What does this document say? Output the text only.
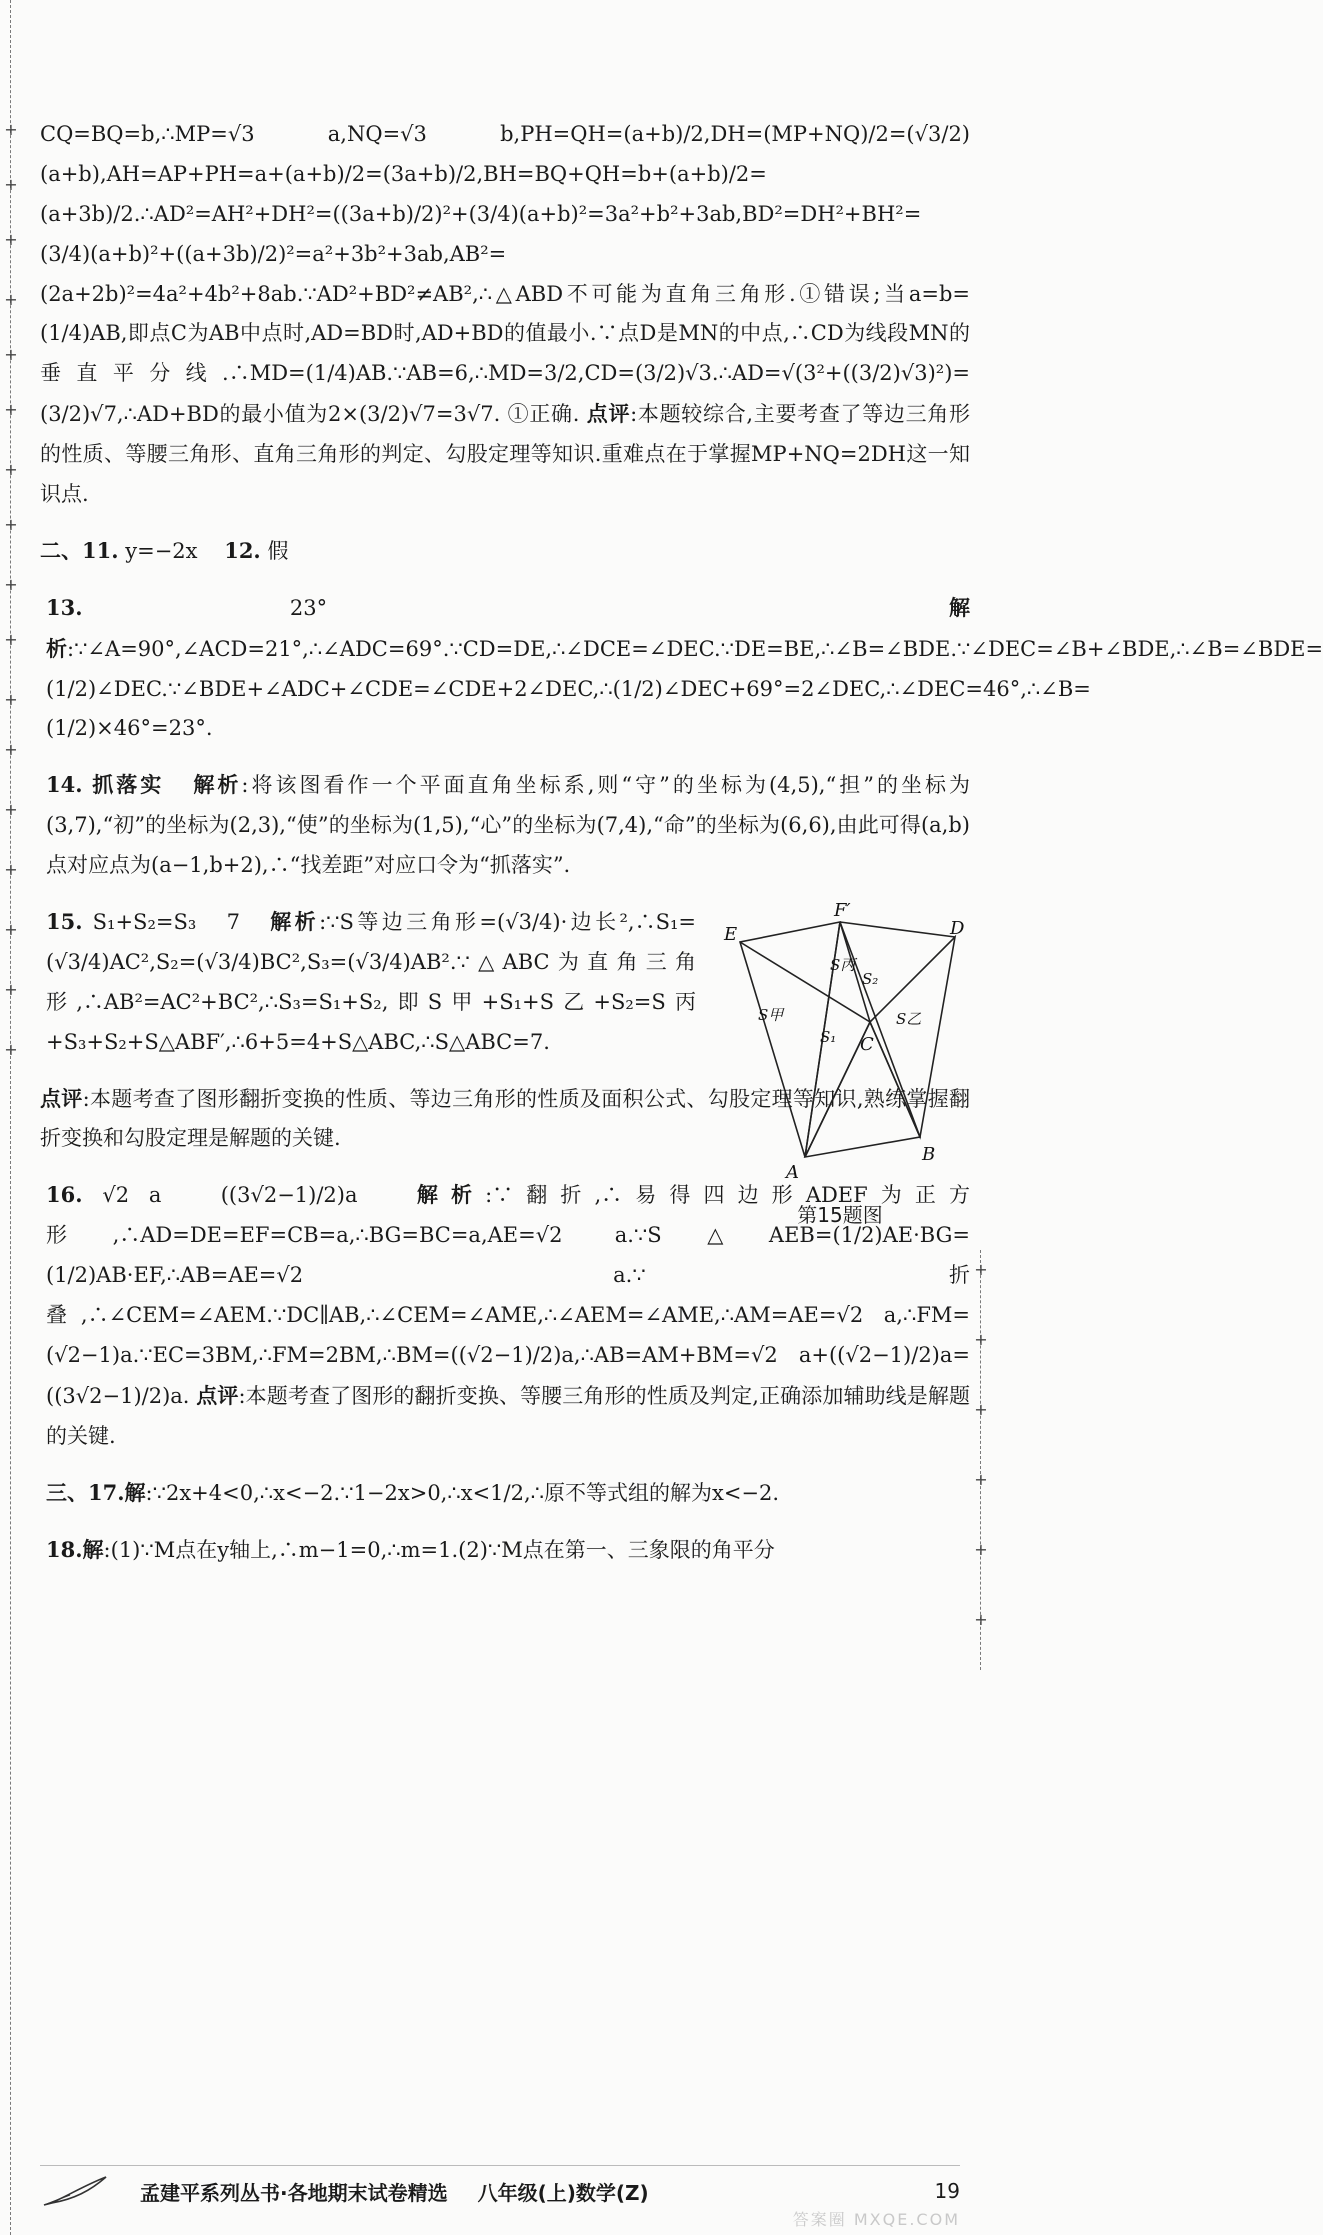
+
+
+
+
+
+
+
+
+
+
+
+
+
+
+
+
+
+
+
+
+
+
+

CQ=BQ=b,∴MP=√3 a,NQ=√3 b,PH=QH=(a+b)/2,DH=(MP+NQ)/2=(√3/2)(a+b),AH=AP+PH=a+(a+b)/2=(3a+b)/2,BH=BQ+QH=b+(a+b)/2=(a+3b)/2.∴AD²=AH²+DH²=((3a+b)/2)²+(3/4)(a+b)²=3a²+b²+3ab,BD²=DH²+BH²=(3/4)(a+b)²+((a+3b)/2)²=a²+3b²+3ab,AB²=(2a+2b)²=4a²+4b²+8ab.∵AD²+BD²≠AB²,∴△ABD不可能为直角三角形.①错误;当a=b=(1/4)AB,即点C为AB中点时,AD=BD时,AD+BD的值最小.∵点D是MN的中点,∴CD为线段MN的垂直平分线.∴MD=(1/4)AB.∵AB=6,∴MD=3/2,CD=(3/2)√3.∴AD=√(3²+((3/2)√3)²)=(3/2)√7,∴AD+BD的最小值为2×(3/2)√7=3√7. ①正确. 点评:本题较综合,主要考查了等边三角形的性质、等腰三角形、直角三角形的判定、勾股定理等知识.重难点在于掌握MP+NQ=2DH这一知识点.

二、11. y=−2x 12. 假

13.	23°	解析:∵∠A=90°,∠ACD=21°,∴∠ADC=69°.∵CD=DE,∴∠DCE=∠DEC.∵DE=BE,∴∠B=∠BDE.∵∠DEC=∠B+∠BDE,∴∠B=∠BDE=(1/2)∠DEC.∵∠BDE+∠ADC+∠CDE=∠CDE+2∠DEC,∴(1/2)∠DEC+69°=2∠DEC,∴∠DEC=46°,∴∠B=(1/2)×46°=23°.

14. 抓落实 解析:将该图看作一个平面直角坐标系,则“守”的坐标为(4,5),“担”的坐标为(3,7),“初”的坐标为(2,3),“使”的坐标为(1,5),“心”的坐标为(7,4),“命”的坐标为(6,6),由此可得(a,b)点对应点为(a−1,b+2),∴“找差距”对应口令为“抓落实”.

15. S₁+S₂=S₃ 7 解析:∵S等边三角形=(√3/4)·边长²,∴S₁=(√3/4)AC²,S₂=(√3/4)BC²,S₃=(√3/4)AB².∵△ABC为直角三角形,∴AB²=AC²+BC²,∴S₃=S₁+S₂,即S甲+S₁+S乙+S₂=S丙+S₃+S₂+S△ABF′,∴6+5=4+S△ABC,∴S△ABC=7.

E
F′
D
A
B
C
S甲
S丙
S乙
S₁
S₂
第15题图

点评:本题考查了图形翻折变换的性质、等边三角形的性质及面积公式、勾股定理等知识,熟练掌握翻折变换和勾股定理是解题的关键.

16. √2 a	((3√2−1)/2)a	解析:∵翻折,∴易得四边形ADEF为正方形,∴AD=DE=EF=CB=a,∴BG=BC=a,AE=√2 a.∵S△AEB=(1/2)AE·BG=(1/2)AB·EF,∴AB=AE=√2 a.∵折叠,∴∠CEM=∠AEM.∵DC∥AB,∴∠CEM=∠AME,∴∠AEM=∠AME,∴AM=AE=√2 a,∴FM=(√2−1)a.∵EC=3BM,∴FM=2BM,∴BM=((√2−1)/2)a,∴AB=AM+BM=√2 a+((√2−1)/2)a=((3√2−1)/2)a. 点评:本题考查了图形的翻折变换、等腰三角形的性质及判定,正确添加辅助线是解题的关键.

三、17.解:∵2x+4<0,∴x<−2.∵1−2x>0,∴x<1/2,∴原不等式组的解为x<−2.

18.解:(1)∵M点在y轴上,∴m−1=0,∴m=1.(2)∵M点在第一、三象限的角平分

孟建平系列丛书·各地期末试卷精选 八年级(上)数学(Z)	19
答案圈 MXQE.COM
